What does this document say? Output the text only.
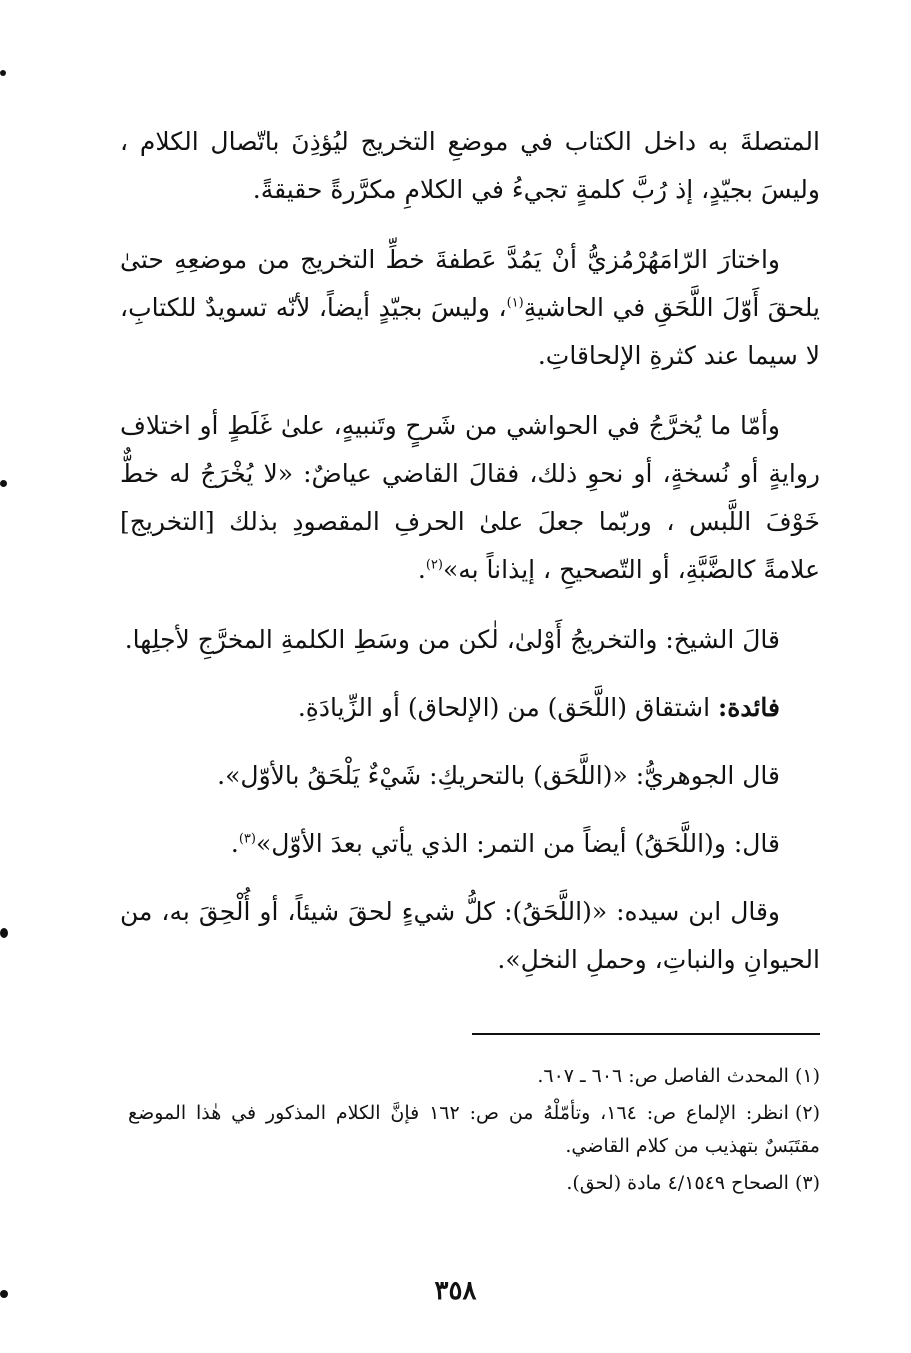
المتصلةَ به داخل الكتاب في موضعِ التخريج ليُؤذِنَ باتّصال الكلام ، وليسَ بجيّدٍ، إذ رُبَّ كلمةٍ تجيءُ في الكلامِ مكرَّرةً حقيقةً.

واختارَ الرّامَهُرْمُزيُّ أنْ يَمُدَّ عَطفةَ خطِّ التخريج من موضعِهِ حتىٰ يلحقَ أَوّلَ اللَّحَقِ في الحاشيةِ$^{(١)}$، وليسَ بجيّدٍ أيضاً، لأنّه تسويدٌ للكتابِ، لا سيما عند كثرةِ الإلحاقاتِ.

وأمّا ما يُخرَّجُ في الحواشي من شَرحٍ وتَنبيهٍ، علىٰ غَلَطٍ أو اختلاف روايةٍ أو نُسخةٍ، أو نحوِ ذلك، فقالَ القاضي عياضٌ: «لا يُخْرَجُ له خطٌّ خَوْفَ اللَّبس ، وربّما جعلَ علىٰ الحرفِ المقصودِ بذلك [التخريج] علامةً كالضَّبَّةِ، أو التّصحيحِ ، إيذاناً به»$^{(٢)}$.

قالَ الشيخ: والتخريجُ أَوْلىٰ، لٰكن من وسَطِ الكلمةِ المخرَّجِ لأجلِها.

فائدة: اشتقاق (اللَّحَق) من (الإلحاق) أو الزِّيادَةِ.

قال الجوهريُّ: «(اللَّحَق) بالتحريكِ: شَيْءٌ يَلْحَقُ بالأوّل».

قال: و(اللَّحَقُ) أيضاً من التمر: الذي يأتي بعدَ الأوّل»$^{(٣)}$.

وقال ابن سيده: «(اللَّحَقُ): كلُّ شيءٍ لحقَ شيئاً، أو أُلْحِقَ به، من الحيوانِ والنباتِ، وحملِ النخلِ».

(١)المحدث الفاصل ص: ٦٠٦ ـ ٦٠٧.

(٢)انظر: الإلماع ص: ١٦٤، وتأمّلْهُ من ص: ١٦٢ فإنَّ الكلام المذكور في هٰذا الموضع مقتَبَسٌ بتهذيب من كلام القاضي.

(٣)الصحاح ٤/١٥٤٩ مادة (لحق).

٣٥٨
